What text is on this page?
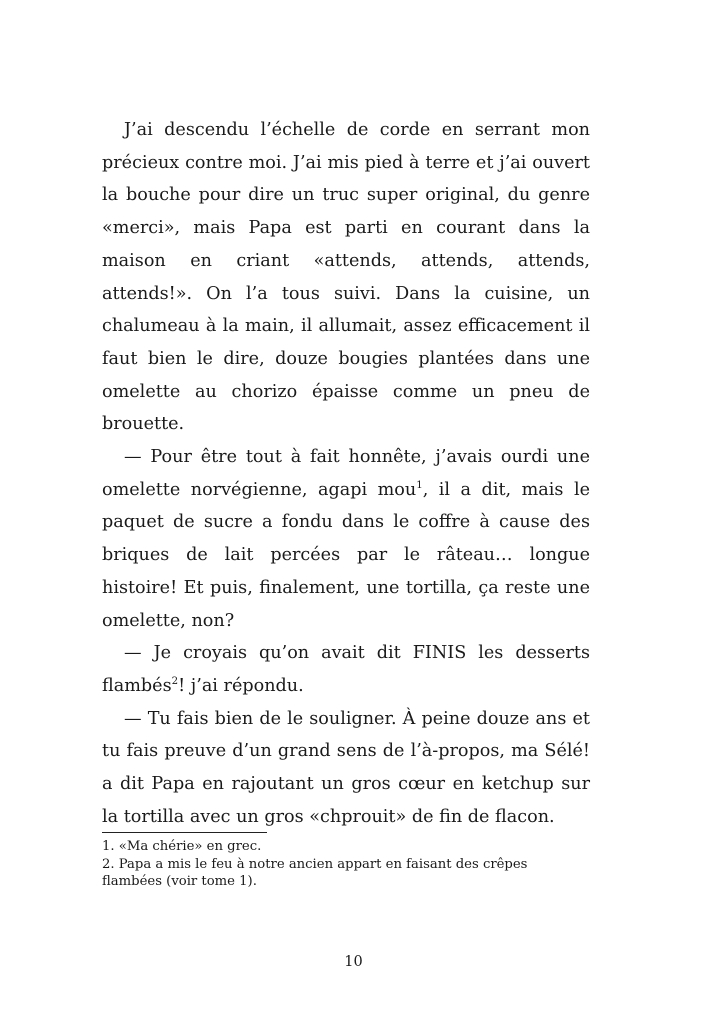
J’ai descendu l’échelle de corde en serrant mon précieux contre moi. J’ai mis pied à terre et j’ai ouvert la bouche pour dire un truc super original, du genre «merci», mais Papa est parti en courant dans la maison en criant «attends, attends, attends, attends!». On l’a tous suivi. Dans la cuisine, un chalumeau à la main, il allumait, assez efficacement il faut bien le dire, douze bougies plantées dans une omelette au chorizo épaisse comme un pneu de brouette.

— Pour être tout à fait honnête, j’avais ourdi une omelette norvégienne, agapi mou$^1$, il a dit, mais le paquet de sucre a fondu dans le coffre à cause des briques de lait percées par le râteau… longue histoire! Et puis, finalement, une tortilla, ça reste une omelette, non?

— Je croyais qu’on avait dit FINIS les desserts flambés$^2$! j’ai répondu.

— Tu fais bien de le souligner. À peine douze ans et tu fais preuve d’un grand sens de l’à-propos, ma Sélé! a dit Papa en rajoutant un gros cœur en ketchup sur la tortilla avec un gros «chprouit» de fin de flacon.

1. «Ma chérie» en grec.

2. Papa a mis le feu à notre ancien appart en faisant des crêpes flambées (voir tome 1).

10
